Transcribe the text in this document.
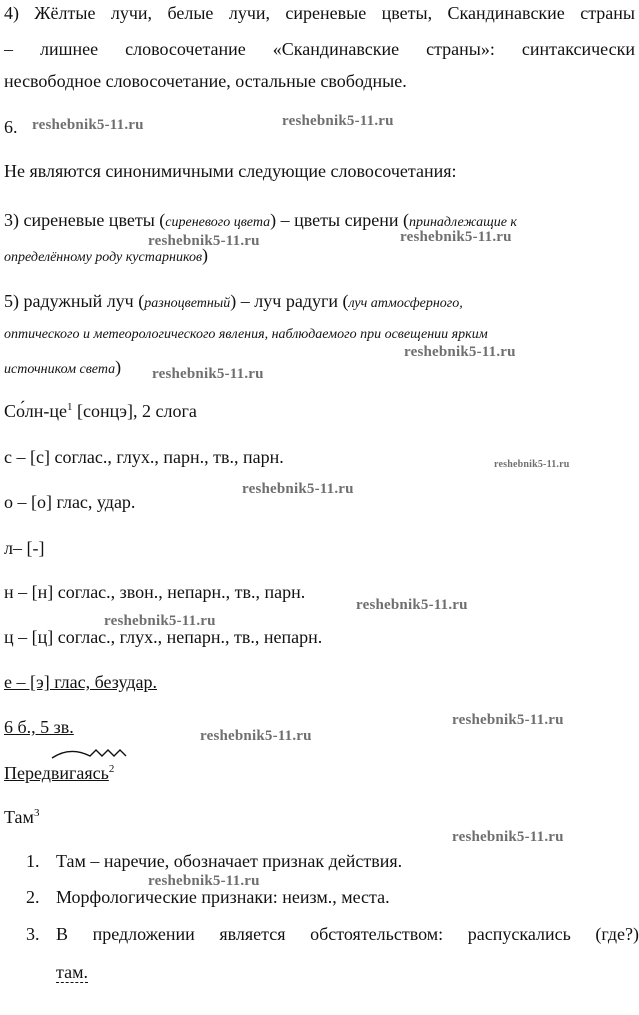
4) Жёлтые лучи, белые лучи, сиреневые цветы, Скандинавские страны
– лишнее словосочетание «Скандинавские страны»: синтаксически
несвободное словосочетание, остальные свободные.
6.
Не являются синонимичными следующие словосочетания:
3) сиреневые цветы (сиреневого цвета) – цветы сирени (принадлежащие к
определённому роду кустарников)
5) радужный луч (разноцветный) – луч радуги (луч атмосферного,
оптического и метеорологического явления, наблюдаемого при освещении ярким
источником света)
$Со́лн-це^1$ [сонцэ], 2 слога
с – [с] соглас., глух., парн., тв., парн.
о – [о] глас, удар.
л– [-]
н – [н] соглас., звон., непарн., тв., парн.
ц – [ц] соглас., глух., непарн., тв., непарн.
е – [э] глас, безудар.
6 б., 5 зв.
Передвигаясь$^2$
Там$^3$
1. Там – наречие, обозначает признак действия.
2. Морфологические признаки: неизм., места.
3. В предложении является обстоятельством: распускались (где?)
там.
reshebnik5-11.ru	reshebnik5-11.ru
reshebnik5-11.ru	reshebnik5-11.ru
reshebnik5-11.ru
reshebnik5-11.ru
reshebnik5-11.ru
reshebnik5-11.ru
reshebnik5-11.ru
reshebnik5-11.ru
reshebnik5-11.ru
reshebnik5-11.ru
reshebnik5-11.ru
reshebnik5-11.ru
